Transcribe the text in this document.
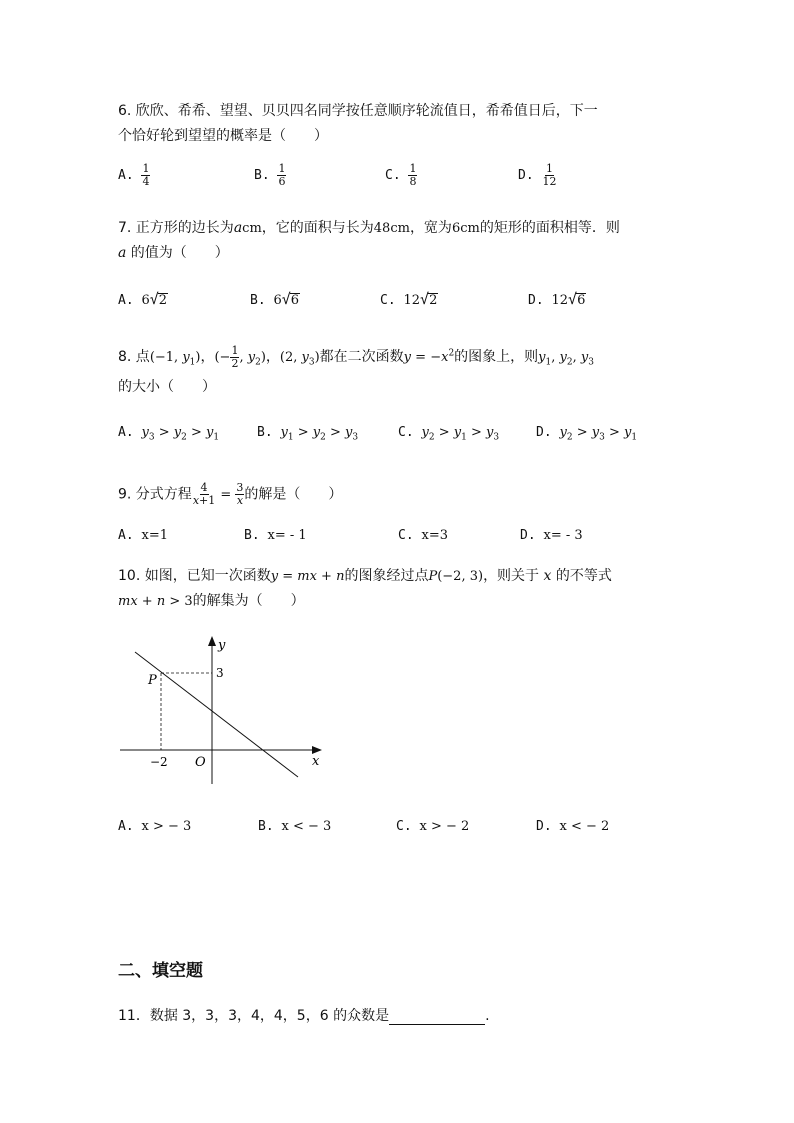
6. 欣欣、希希、望望、贝贝四名同学按任意顺序轮流值日，希希值日后，下一
个恰好轮到望望的概率是（　　）
A. $\frac{1}{4}$	B. $\frac{1}{6}$	C. $\frac{1}{8}$	D. $\frac{1}{12}$
7. 正方形的边长为acm，它的面积与长为48cm，宽为6cm的矩形的面积相等．则
a 的值为（　　）
A. 6√2	B. 6√6	C. 12√2	D. 12√6
8. 点(−1, $y_1$)，(− $\frac{1}{2}$ , $y_2$)，(2, $y_3$)都在二次函数$y = -x^2$的图象上，则$y_1$, $y_2$, $y_3$
的大小（　　）
A. $y_3 > y_2 > y_1$	B. $y_1 > y_2 > y_3$	C. $y_2 > y_1 > y_3$	D. $y_2 > y_3 > y_1$
9. 分式方程 $\frac{4}{x+1} = \frac{3}{x}$ 的解是（　　）
A. x=1	B. x= - 1	C. x=3	D. x= - 3
10. 如图，已知一次函数y = mx + n的图象经过点P(−2, 3)，则关于 x 的不等式
mx + n > 3的解集为（　　）
y
x
O
P	3
−2
A. x > − 3	B. x < − 3	C. x > − 2	D. x < − 2
二、填空题
11．数据 3，3，3，4，4，5，6 的众数是	.
